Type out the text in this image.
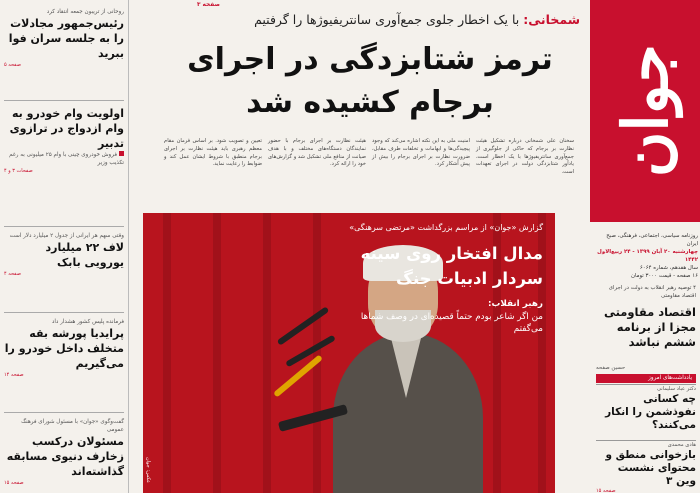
جوان
روزنامه سیاسی، اجتماعی، فرهنگی، صبح ایران
چهارشنبه ۲۰ آبان ۱۳۹۹ - ۲۴ ربیع‌الاول ۱۴۴۲
سال هفدهم، شماره ۶۰۶۴
۱۶ صفحه - قیمت ۳۰۰۰ تومان
۴ توصیه رهبر انقلاب به دولت در اجرای اقتصاد مقاومتی
اقتصاد مقاومتی مجزا از برنامه ششم نباشد
حسین صفحه
یادداشت‌های امروز
دکتر عباد سلیمانی
چه کسانی نفوذشمن را انکار می‌کنند؟
هادی محمدی
بازخوانی منطق و محتوای نشست وین ۳
صفحه ۱۵
صفحه ۳
شمخانی: با یک اخطار جلوی جمع‌آوری سانتریفیوژها را گرفتیم
ترمز شتابزدگی در اجرای برجام کشیده شد
سخنان علی شمخانی درباره تشکیل هیئت نظارت بر برجام که حاکی از جلوگیری از جمع‌آوری سانتریفیوژها با یک اخطار است، یادآور شتابزدگی دولت در اجرای تعهدات است.
امنیت ملی به این نکته اشاره می‌کند که وجود پیچیدگی‌ها و ابهامات و تخلفات طرف مقابل، ضرورت نظارت بر اجرای برجام را بیش از پیش آشکار کرد.
هیئت نظارت بر اجرای برجام با حضور نمایندگان دستگاه‌های مختلف و با هدف صیانت از منافع ملی تشکیل شد و گزارش‌های خود را ارائه کرد.
تعیین و تصویب شود. بر اساس فرمان مقام معظم رهبری باید هیئت نظارت بر اجرای برجام منطبق با شروط ایشان عمل کند و ضوابط را رعایت نماید.
گزارش «جوان» از مراسم بزرگداشت «مرتضی سرهنگی»
مدال افتخار روی سینه سردار ادبیات جنگ
رهبر انقلاب:
من اگر شاعر بودم حتماً قصیده‌ای در وصف شماها می‌گفتم
عکس: جوان
روحانی از تریبون جمعه انتقاد کرد
رئیس‌جمهور مجادلات را به جلسه سران فوا ببرید
صفحه ۵
اولویت وام خودرو به وام ازدواج در ترازوی تدبیر
فروش خودروی چینی با وام ۲۵ میلیونی به رغم تکذیب وزیر
صفحات ۳ و ۴
وقتی سهم هر ایرانی از جدول ۲ میلیارد دلار است
لاف ۲۲ میلیارد یورویی بابک
صفحه ۴
فرمانده پلیس کشور هشدار داد
پرایدیا پورشه بقه متخلف داخل خودرو را می‌گیریم
صفحه ۱۴
گفت‌وگوی «جوان» با مسئول شورای فرهنگ عمومی
مسئولان درکسب زخارف دنیوی مسابقه گذاشته‌اند
صفحه ۱۵
